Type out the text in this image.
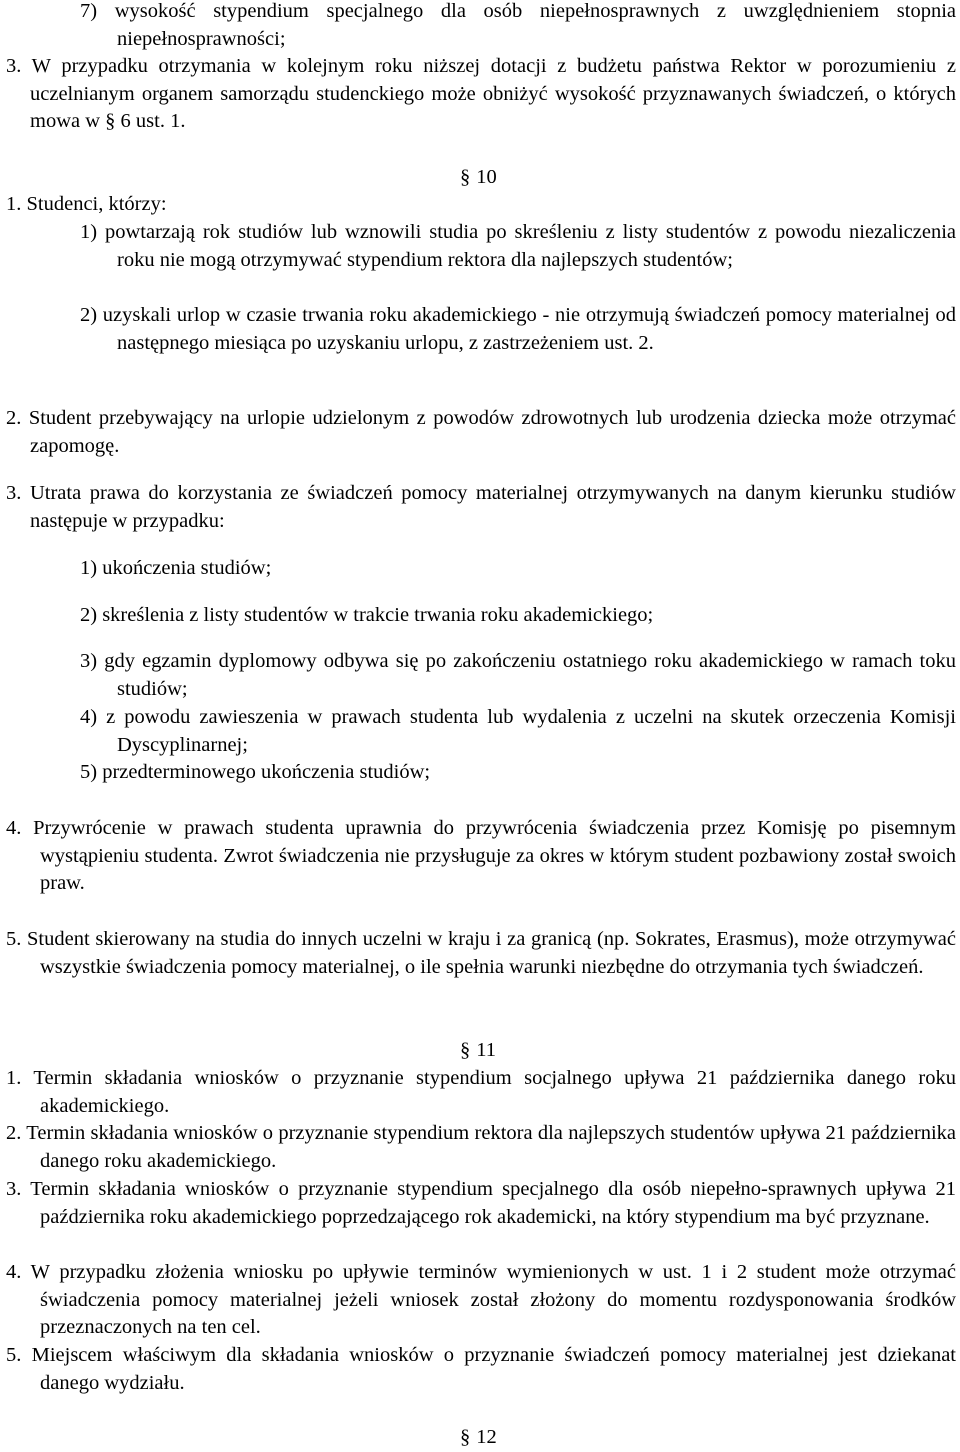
7) wysokość stypendium specjalnego dla osób niepełnosprawnych z uwzględnieniem stopnia niepełnosprawności;
3. W przypadku otrzymania w kolejnym roku niższej dotacji z budżetu państwa Rektor w porozumieniu z uczelnianym organem samorządu studenckiego może obniżyć wysokość przyznawanych świadczeń, o których mowa w § 6 ust. 1.
§ 10
1. Studenci, którzy:
1) powtarzają rok studiów lub wznowili studia po skreśleniu z listy studentów z powodu niezaliczenia roku nie mogą otrzymywać stypendium rektora dla najlepszych studentów;
2) uzyskali urlop w czasie trwania roku akademickiego - nie otrzymują świadczeń pomocy materialnej od następnego miesiąca po uzyskaniu urlopu, z zastrzeżeniem ust. 2.
2. Student przebywający na urlopie udzielonym z powodów zdrowotnych lub urodzenia dziecka może otrzymać zapomogę.
3. Utrata prawa do korzystania ze świadczeń pomocy materialnej otrzymywanych na danym kierunku studiów następuje w przypadku:
1) ukończenia studiów;
2) skreślenia z listy studentów w trakcie trwania roku akademickiego;
3) gdy egzamin dyplomowy odbywa się po zakończeniu ostatniego roku akademickiego w ramach toku studiów;
4) z powodu zawieszenia w prawach studenta lub wydalenia z uczelni na skutek orzeczenia Komisji Dyscyplinarnej;
5) przedterminowego ukończenia studiów;
4. Przywrócenie w prawach studenta uprawnia do przywrócenia świadczenia przez Komisję po pisemnym wystąpieniu studenta. Zwrot świadczenia nie przysługuje za okres w którym student pozbawiony został swoich praw.
5. Student skierowany na studia do innych uczelni w kraju i za granicą (np. Sokrates, Erasmus), może otrzymywać wszystkie świadczenia pomocy materialnej, o ile spełnia warunki niezbędne do otrzymania tych świadczeń.
§ 11
1. Termin składania wniosków o przyznanie stypendium socjalnego upływa 21 października danego roku akademickiego.
2. Termin składania wniosków o przyznanie stypendium rektora dla najlepszych studentów upływa 21 października danego roku akademickiego.
3. Termin składania wniosków o przyznanie stypendium specjalnego dla osób niepełno-sprawnych upływa 21 października roku akademickiego poprzedzającego rok akademicki, na który stypendium ma być przyznane.
4. W przypadku złożenia wniosku po upływie terminów wymienionych w ust. 1 i 2 student może otrzymać świadczenia pomocy materialnej jeżeli wniosek został złożony do momentu rozdysponowania środków przeznaczonych na ten cel.
5. Miejscem właściwym dla składania wniosków o przyznanie świadczeń pomocy materialnej jest dziekanat danego wydziału.
§ 12
